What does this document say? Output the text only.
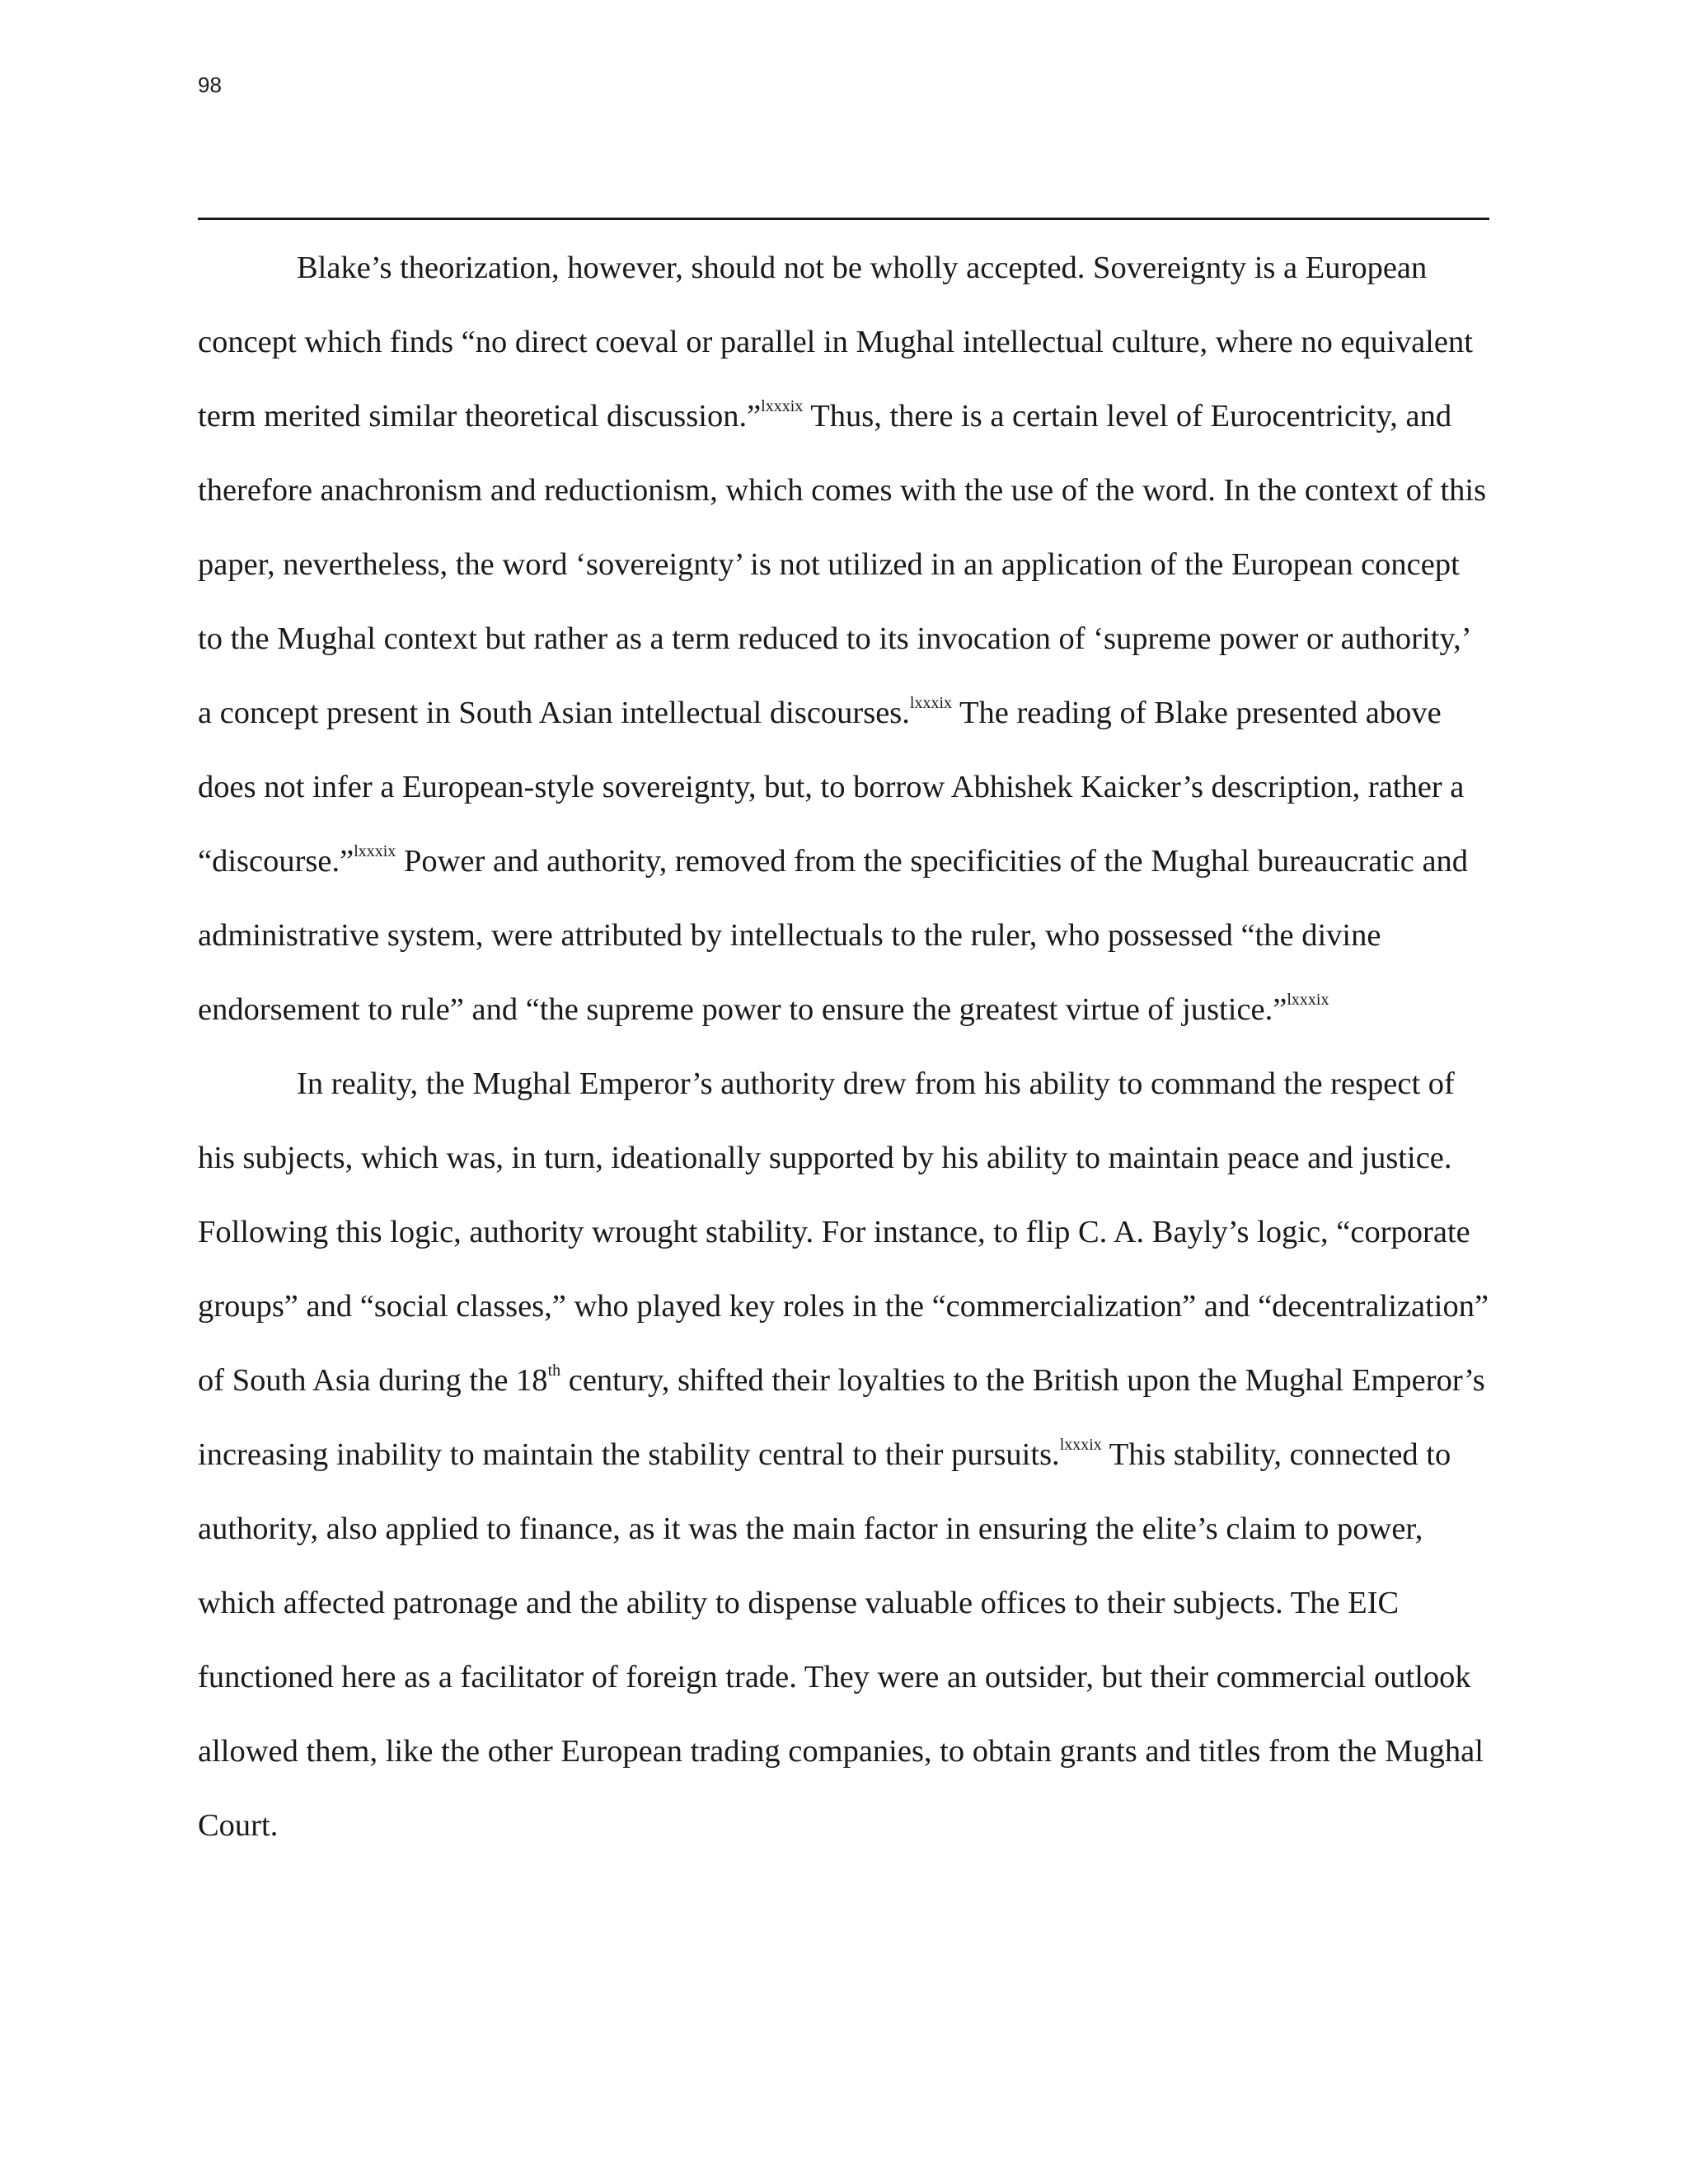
98

Blake’s theorization, however, should not be wholly accepted. Sovereignty is a European concept which finds “no direct coeval or parallel in Mughal intellectual culture, where no equivalent term merited similar theoretical discussion.”$^{lxxxix}$ Thus, there is a certain level of Eurocentricity, and therefore anachronism and reductionism, which comes with the use of the word. In the context of this paper, nevertheless, the word ‘sovereignty’ is not utilized in an application of the European concept to the Mughal context but rather as a term reduced to its invocation of ‘supreme power or authority,’ a concept present in South Asian intellectual discourses.$^{lxxxix}$ The reading of Blake presented above does not infer a European-style sovereignty, but, to borrow Abhishek Kaicker’s description, rather a “discourse.”$^{lxxxix}$ Power and authority, removed from the specificities of the Mughal bureaucratic and administrative system, were attributed by intellectuals to the ruler, who possessed “the divine endorsement to rule” and “the supreme power to ensure the greatest virtue of justice.”$^{lxxxix}$

In reality, the Mughal Emperor’s authority drew from his ability to command the respect of his subjects, which was, in turn, ideationally supported by his ability to maintain peace and justice. Following this logic, authority wrought stability. For instance, to flip C. A. Bayly’s logic, “corporate groups” and “social classes,” who played key roles in the “commercialization” and “decentralization” of South Asia during the 18th century, shifted their loyalties to the British upon the Mughal Emperor’s increasing inability to maintain the stability central to their pursuits.$^{lxxxix}$ This stability, connected to authority, also applied to finance, as it was the main factor in ensuring the elite’s claim to power, which affected patronage and the ability to dispense valuable offices to their subjects. The EIC functioned here as a facilitator of foreign trade. They were an outsider, but their commercial outlook allowed them, like the other European trading companies, to obtain grants and titles from the Mughal Court.
